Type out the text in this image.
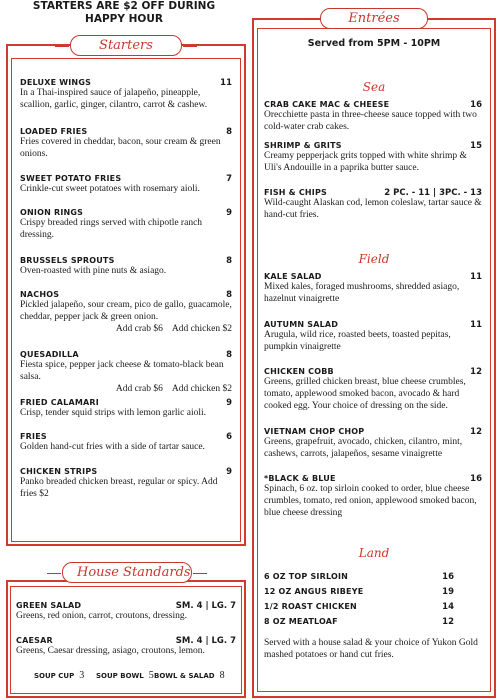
STARTERS ARE $2 OFF DURING
HAPPY HOUR
Starters
DELUXE WINGS	11
In a Thai-inspired sauce of jalapeño, pineapple, scallion, garlic, ginger, cilantro, carrot & cashew.
LOADED FRIES	8
Fries covered in cheddar, bacon, sour cream & green onions.
SWEET POTATO FRIES	7
Crinkle-cut sweet potatoes with rosemary aioli.
ONION RINGS	9
Crispy breaded rings served with chipotle ranch dressing.
BRUSSELS SPROUTS	8
Oven-roasted with pine nuts & asiago.
NACHOS	8
Pickled jalapeño, sour cream, pico de gallo, guacamole, cheddar, pepper jack & green onion.
Add crab $6    Add chicken $2
QUESADILLA	8
Fiesta spice, pepper jack cheese & tomato-black bean salsa.
Add crab $6    Add chicken $2
FRIED CALAMARI	9
Crisp, tender squid strips with lemon garlic aioli.
FRIES	6
Golden hand-cut fries with a side of tartar sauce.
CHICKEN STRIPS	9
Panko breaded chicken breast, regular or spicy. Add fries $2
House Standards
GREEN SALAD	SM. 4 | LG. 7
Greens, red onion, carrot, croutons, dressing.
CAESAR	SM. 4 | LG. 7
Greens, Caesar dressing, asiago, croutons, lemon.
SOUP CUP 3 SOUP BOWL 5 BOWL & SALAD 8
Entrées
Served from 5PM - 10PM
Sea
Field
Land
CRAB CAKE MAC & CHEESE	16
Orecchiette pasta in three-cheese sauce topped with two cold-water crab cakes.
SHRIMP & GRITS	15
Creamy pepperjack grits topped with white shrimp & Uli's Andouille in a paprika butter sauce.
FISH & CHIPS	2 PC. - 11 | 3PC. - 13
Wild-caught Alaskan cod, lemon coleslaw, tartar sauce & hand-cut fries.
KALE SALAD	11
Mixed kales, foraged mushrooms, shredded asiago, hazelnut vinaigrette
AUTUMN SALAD	11
Arugula, wild rice, roasted beets, toasted pepitas, pumpkin vinaigrette
CHICKEN COBB	12
Greens, grilled chicken breast, blue cheese crumbles, tomato, applewood smoked bacon, avocado & hard cooked egg. Your choice of dressing on the side.
VIETNAM CHOP CHOP	12
Greens, grapefruit, avocado, chicken, cilantro, mint, cashews, carrots, jalapeños, sesame vinaigrette
*BLACK & BLUE	16
Spinach, 6 oz. top sirloin cooked to order, blue cheese crumbles, tomato, red onion, applewood smoked bacon, blue cheese dressing
6 OZ TOP SIRLOIN	16
12 OZ ANGUS RIBEYE	19
1/2 ROAST CHICKEN	14
8 OZ MEATLOAF	12
Served with a house salad & your choice of Yukon Gold mashed potatoes or hand cut fries.
